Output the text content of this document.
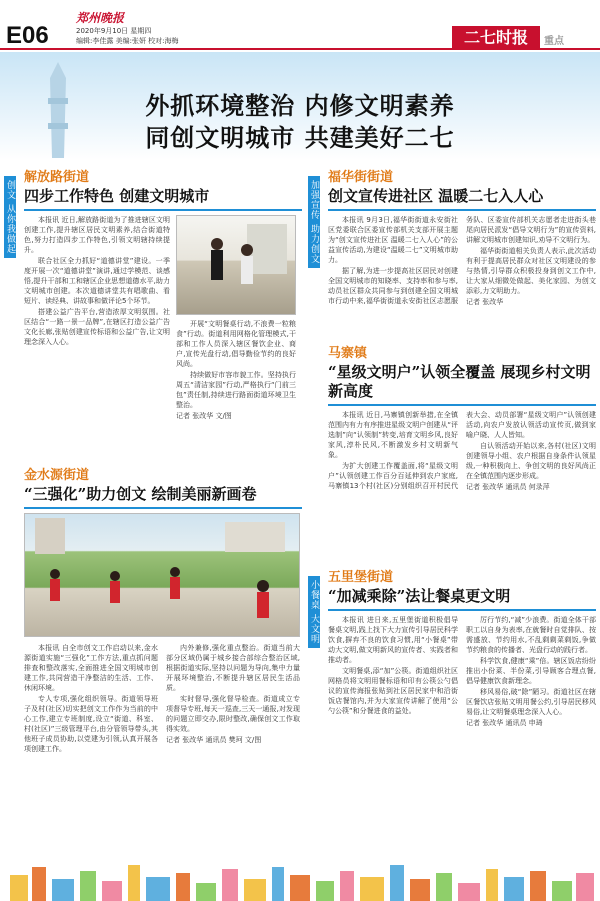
E06
郑州晚报
2020年9月10日 星期四
编辑:李佳露 美编:张妍 校对:海梅	二七时报	重点
外抓环境整治 内修文明素养
同创文明城市 共建美好二七
创文 从你我做起
解放路街道
四步工作特色 创建文明城市

本报讯 近日,解放路街道为了推进辖区文明创建工作,提升辖区居民文明素养,结合街道特色,努力打造四步工作特色,引领文明辖持续提升。

联合社区全力抓好“道德讲堂”建设。一季度开展一次“道德讲堂”演讲,通过学模范、谈感悟,提升干部和工和辖区企业思想道德水平,助力文明城市创建。本次道德讲堂共有唱歌曲、看短片、读经典、讲故事和做评论5个环节。

搭建公益广告平台,营造浓厚文明氛围。社区结合“一路一景一品牌”,在辖区打造公益广告文化长廊,张贴创建宣传标语和公益广告,让文明理念深入人心。

开展“文明餐桌行动,不浪费一粒粮食”行动。街道利用网格化管理模式,干部和工作人员深入辖区餐饮企业、商户,宣传光盘行动,倡导勤俭节约的良好风尚。

持续做好市容市貌工作。坚持执行周五“清洁家园”行动,严格执行“门前三包”责任制,持续进行路面街道环境卫生整治。

记者 张改华 文/图
金水源街道
“三强化”助力创文 绘制美丽新画卷

本报讯 自全市创文工作启动以来,金水源街道实施“三强化”工作方法,重点抓问题排查和整改落实,全面推进全国文明城市创建工作,共同营造干净整洁的生活、工作、休闲环境。

专人专项,强化组织领导。街道领导班子及村(社区)切实把创文工作作为当前的中心工作,建立专班制度,设立“街道、科室、村(社区)”三级管理平台,由分管领导带头,其他班子成员协助,以党建为引领,认真开展各项创建工作。

内外兼修,强化重点整治。街道当前大部分区域仍属于城乡接合部综合整治区域,根据街道实际,坚持以问题为导向,集中力量开展环境整治,不断提升辖区居民生活品质。

实时督导,强化督导检查。街道成立专项督导专班,每天一巡查,三天一通报,对发现的问题立即交办,限时整改,确保创文工作取得实效。

记者 张改华 通讯员 樊珂 文/图
加强宣传 助力创文
福华街街道
创文宣传进社区 温暖二七入人心

本报讯 9月3日,福华街街道永安街社区党委联合区委宣传部机关支部开展主题为“创文宣传进社区 温暖二七入人心”的公益宣传活动,为建设“温暖二七”文明城市助力。

据了解,为进一步提高社区居民对创建全国文明城市的知晓率、支持率和参与率,动员社区群众共同参与到创建全国文明城市行动中来,福华街街道永安街社区志愿服务队、区委宣传部机关志愿者走进街头巷尾向居民派发“倡导文明行为”的宣传资料,讲解文明城市创建知识,劝导不文明行为。

福华街街道相关负责人表示,此次活动有利于提高居民群众对社区文明建设的参与热情,引导群众积极投身到创文工作中,让大家从细微处做起、美化家园、为创文添彩,力文明助力。

记者 张改华
马寨镇
“星级文明户”认领全覆盖 展现乡村文明新高度

本报讯 近日,马寨镇创新举措,在全镇范围内有力有序推进星级文明户创建从“评选制”向“认领制”转变,培育文明乡风,良好家风,淳朴民风,不断激发乡村文明新气象。

为扩大创建工作覆盖面,将“星级文明户”认领创建工作百分百延伸到农户家庭,马寨镇13个村(社区)分别组织召开村民代表大会、动员部署“星级文明户”认领创建活动,向农户发放认领活动宣传页,做到家喻户晓、人人皆知。

自认领活动开始以来,各村(社区)文明创建领导小组、农户根据自身条件认领星级,一种积极向上、争创文明的良好风尚正在全镇范围内逐步形成。

记者 张改华 通讯员 何录萍
小餐桌 大文明
五里堡街道
“加减乘除”法让餐桌更文明

本报讯 进日来,五里堡街道积极倡导餐桌文明,践上找下大力宣传引导居民科学饮食,摒弃不良的饮食习惯,用“小餐桌”带动大文明,做文明新风的宣传者、实践者和推动者。

文明餐桌,添“加”公筷。街道组织社区网格员将文明用餐标语和印有公筷公勺倡议的宣传海报张贴到社区居民家中和沿街饭店餐馆内,并为大家宣传讲解了使用“公勺公筷”和分餐进食的益处。

厉行节约,“减”少浪费。街道全体干部职工以自身为表率,在就餐时自觉排队、按需盛放、节约用水,不乱剩剩菜剩饭,争做节约粮食的传播者、光盘行动的践行者。

科学饮食,健康“乘”倍。辖区饭店纷纷推出小份菜、半份菜,引导顾客合理点餐,倡导健康饮食新理念。

移风易俗,破“除”陋习。街道社区在辖区餐饮店张贴文明用餐公约,引导居民移风易俗,让文明餐桌理念深入人心。

记者 张改华 通讯员 申琦
